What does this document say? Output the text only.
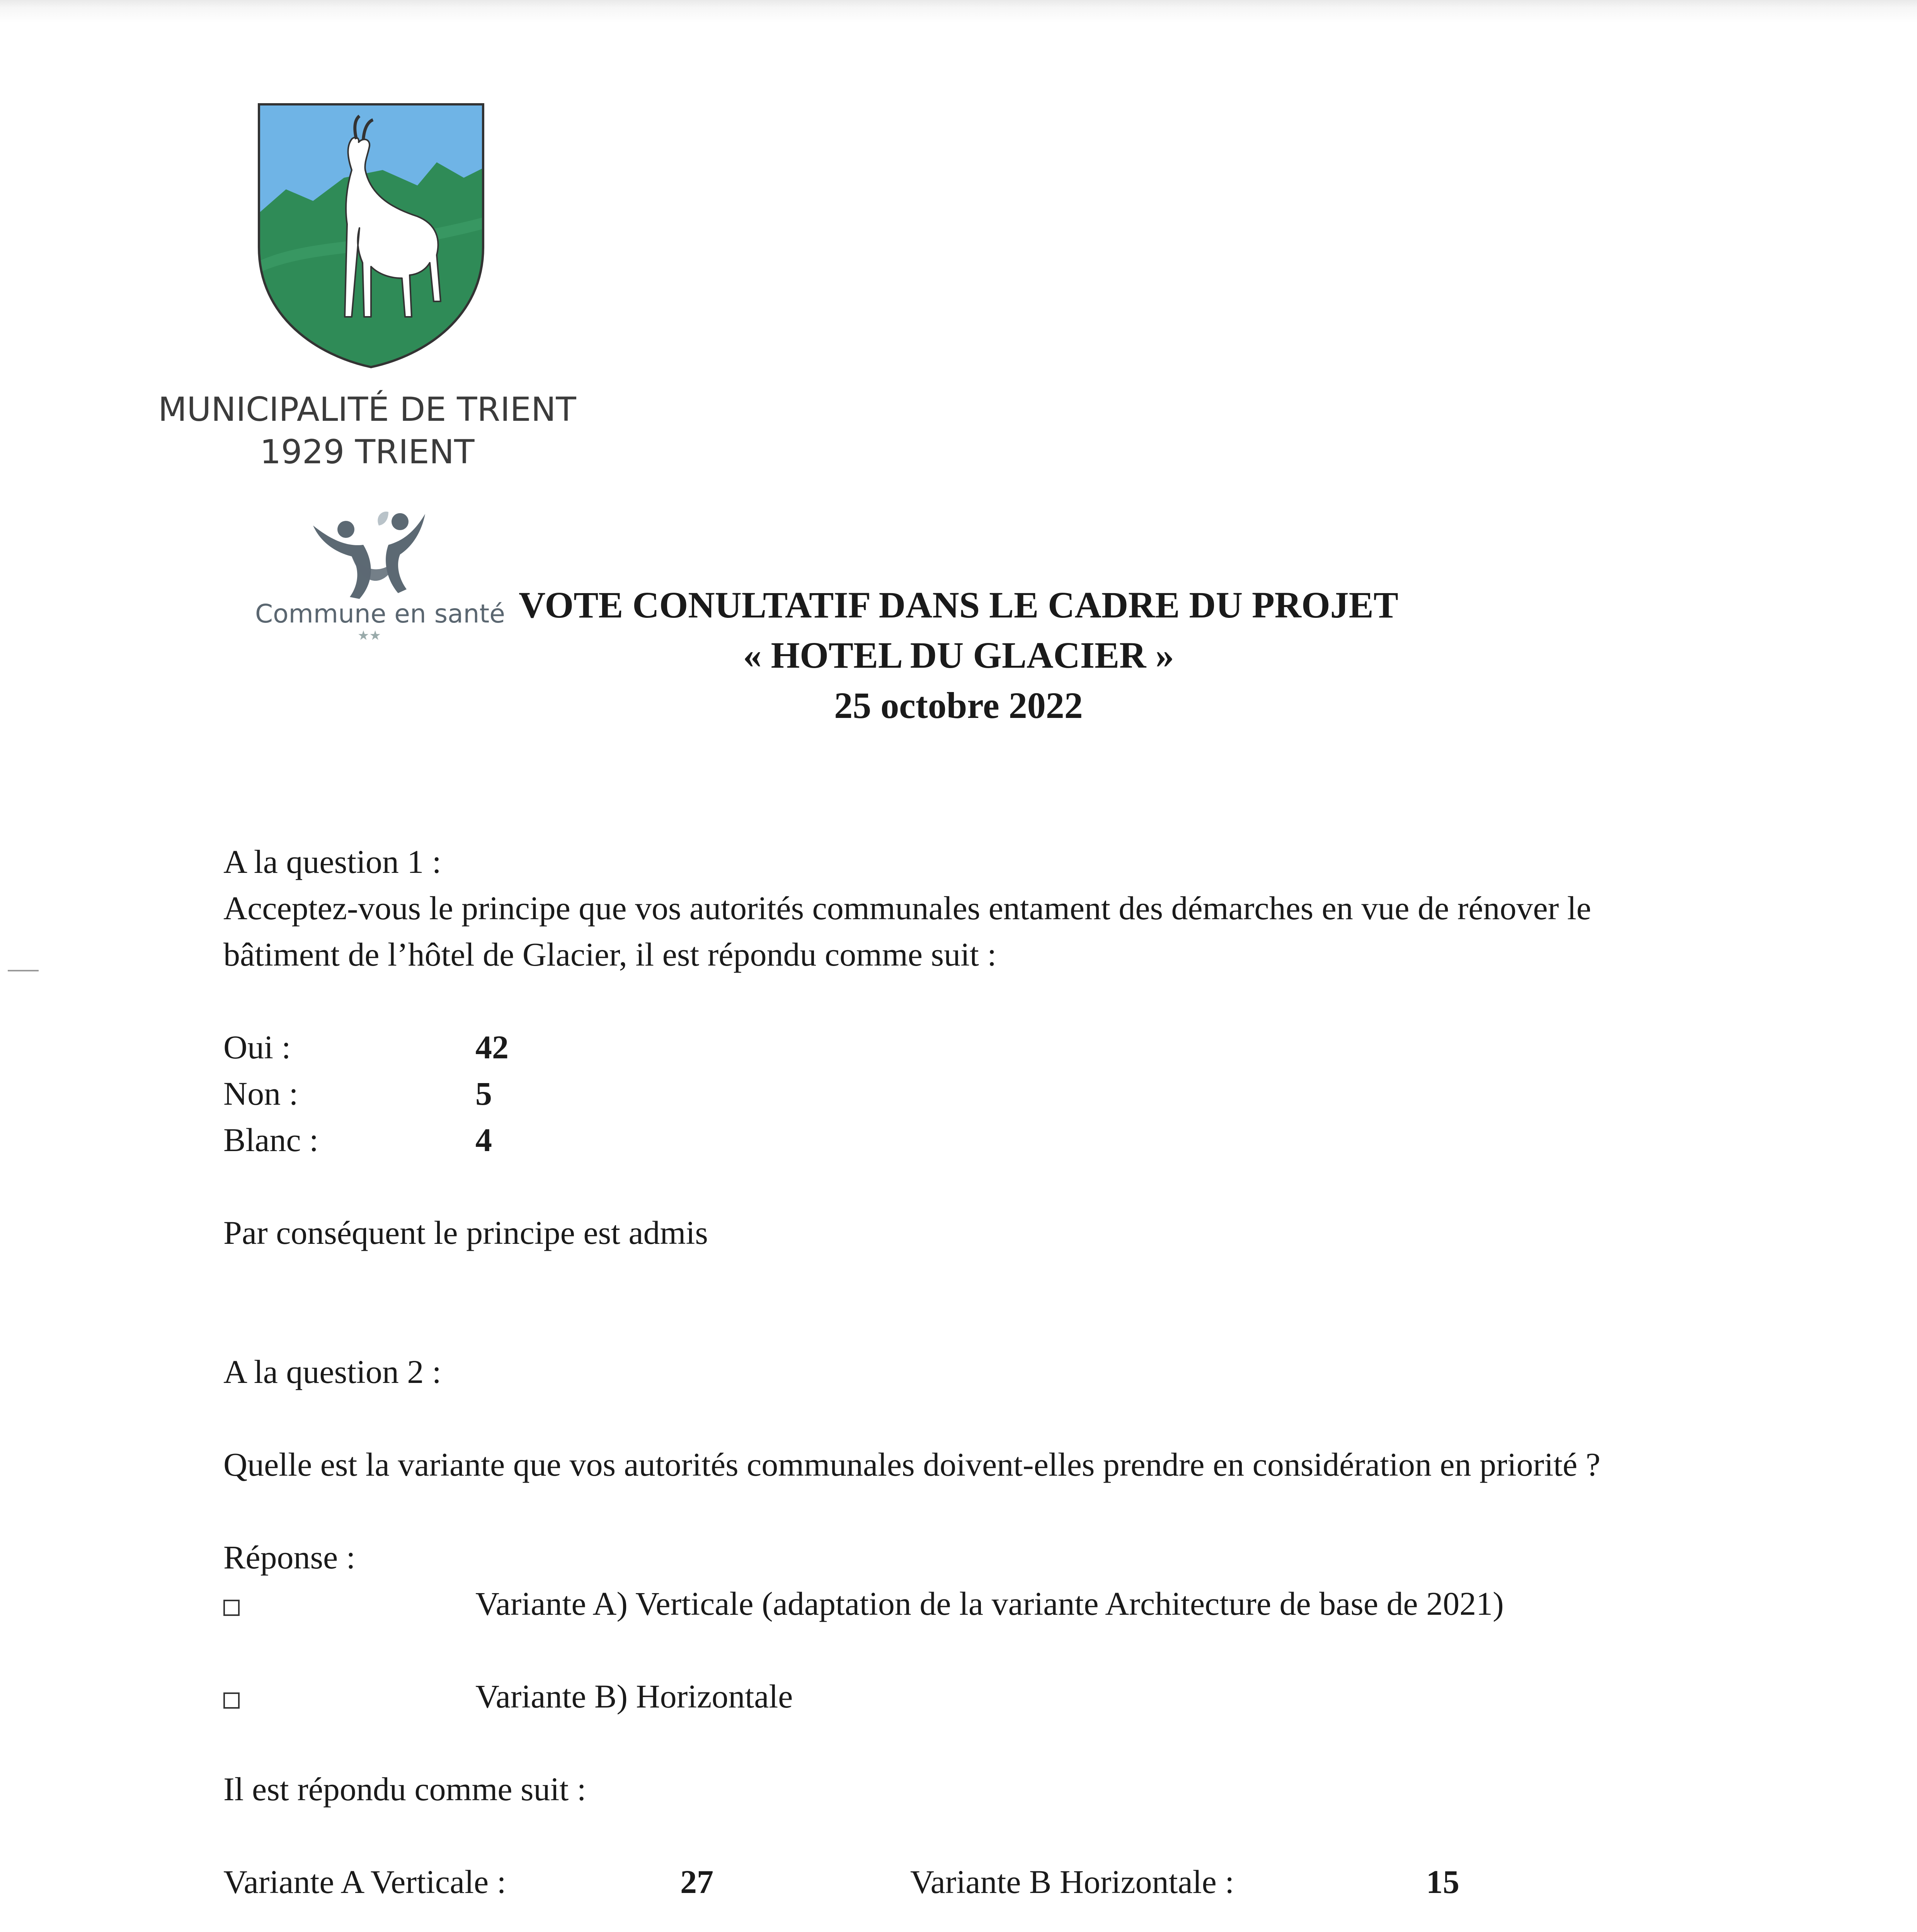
MUNICIPALITÉ DE TRIENT
1929 TRIENT
Commune en santé
★★
VOTE CONULTATIF DANS LE CADRE DU PROJET
« HOTEL DU GLACIER »
25 octobre 2022
A la question 1 :
Acceptez-vous le principe que vos autorités communales entament des démarches en vue de rénover le bâtiment de l’hôtel de Glacier, il est répondu comme suit :
Oui :	42
Non :	5
Blanc :	4
Par conséquent le principe est admis
A la question 2 :
Quelle est la variante que vos autorités communales doivent-elles prendre en considération en priorité ?
Réponse :
Variante A) Verticale (adaptation de la variante Architecture de base de 2021)
Variante B) Horizontale
Il est répondu comme suit :
Variante A Verticale :	27	Variante B Horizontale :	15
